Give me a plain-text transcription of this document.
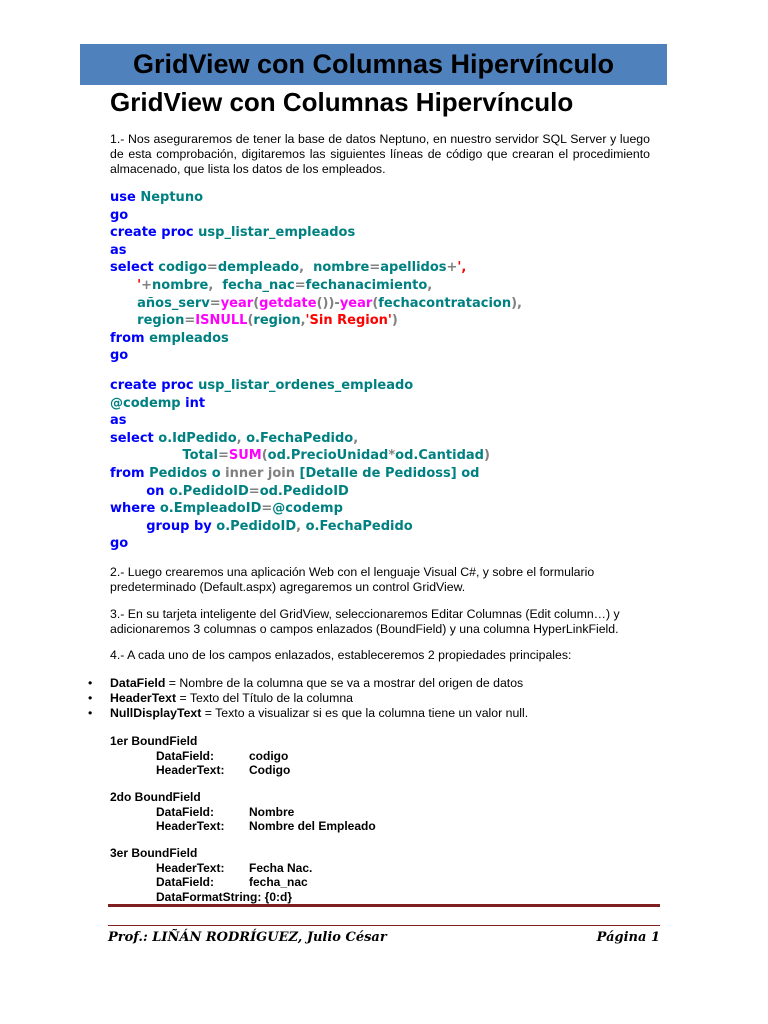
GridView con Columnas Hipervínculo
GridView con Columnas Hipervínculo
1.- Nos aseguraremos de tener la base de datos Neptuno, en nuestro servidor SQL Server y luego de esta comprobación, digitaremos las siguientes líneas de código que crearan el procedimiento almacenado, que lista los datos de los empleados.
use Neptuno
go
create proc usp_listar_empleados
as
select codigo=dempleado,  nombre=apellidos+',
'+nombre,  fecha_nac=fechanacimiento,
años_serv=year(getdate())-year(fechacontratacion),
region=ISNULL(region,'Sin Region')
from empleados
go
create proc usp_listar_ordenes_empleado
@codemp int
as
select o.IdPedido, o.FechaPedido,
Total=SUM(od.PrecioUnidad*od.Cantidad)
from Pedidos o inner join [Detalle de Pedidoss] od
on o.PedidoID=od.PedidoID
where o.EmpleadoID=@codemp
group by o.PedidoID, o.FechaPedido
go
2.- Luego crearemos una aplicación Web con el lenguaje Visual C#, y sobre el formulario predeterminado (Default.aspx) agregaremos un control GridView.
3.- En su tarjeta inteligente del GridView, seleccionaremos Editar Columnas (Edit column…) y adicionaremos 3 columnas o campos enlazados (BoundField) y una columna HyperLinkField.
4.- A cada uno de los campos enlazados, estableceremos 2 propiedades principales:
• DataField = Nombre de la columna que se va a mostrar del origen de datos
• HeaderText = Texto del Título de la columna
• NullDisplayText = Texto a visualizar si es que la columna tiene un valor null.
1er BoundField
DataField:	codigo
HeaderText: Codigo
2do BoundField
DataField:	Nombre
HeaderText: Nombre del Empleado
3er BoundField
HeaderText: Fecha Nac.
DataField:	fecha_nac
DataFormatString: {0:d}
Prof.: LIÑÁN RODRÍGUEZ, Julio César	Página 1
